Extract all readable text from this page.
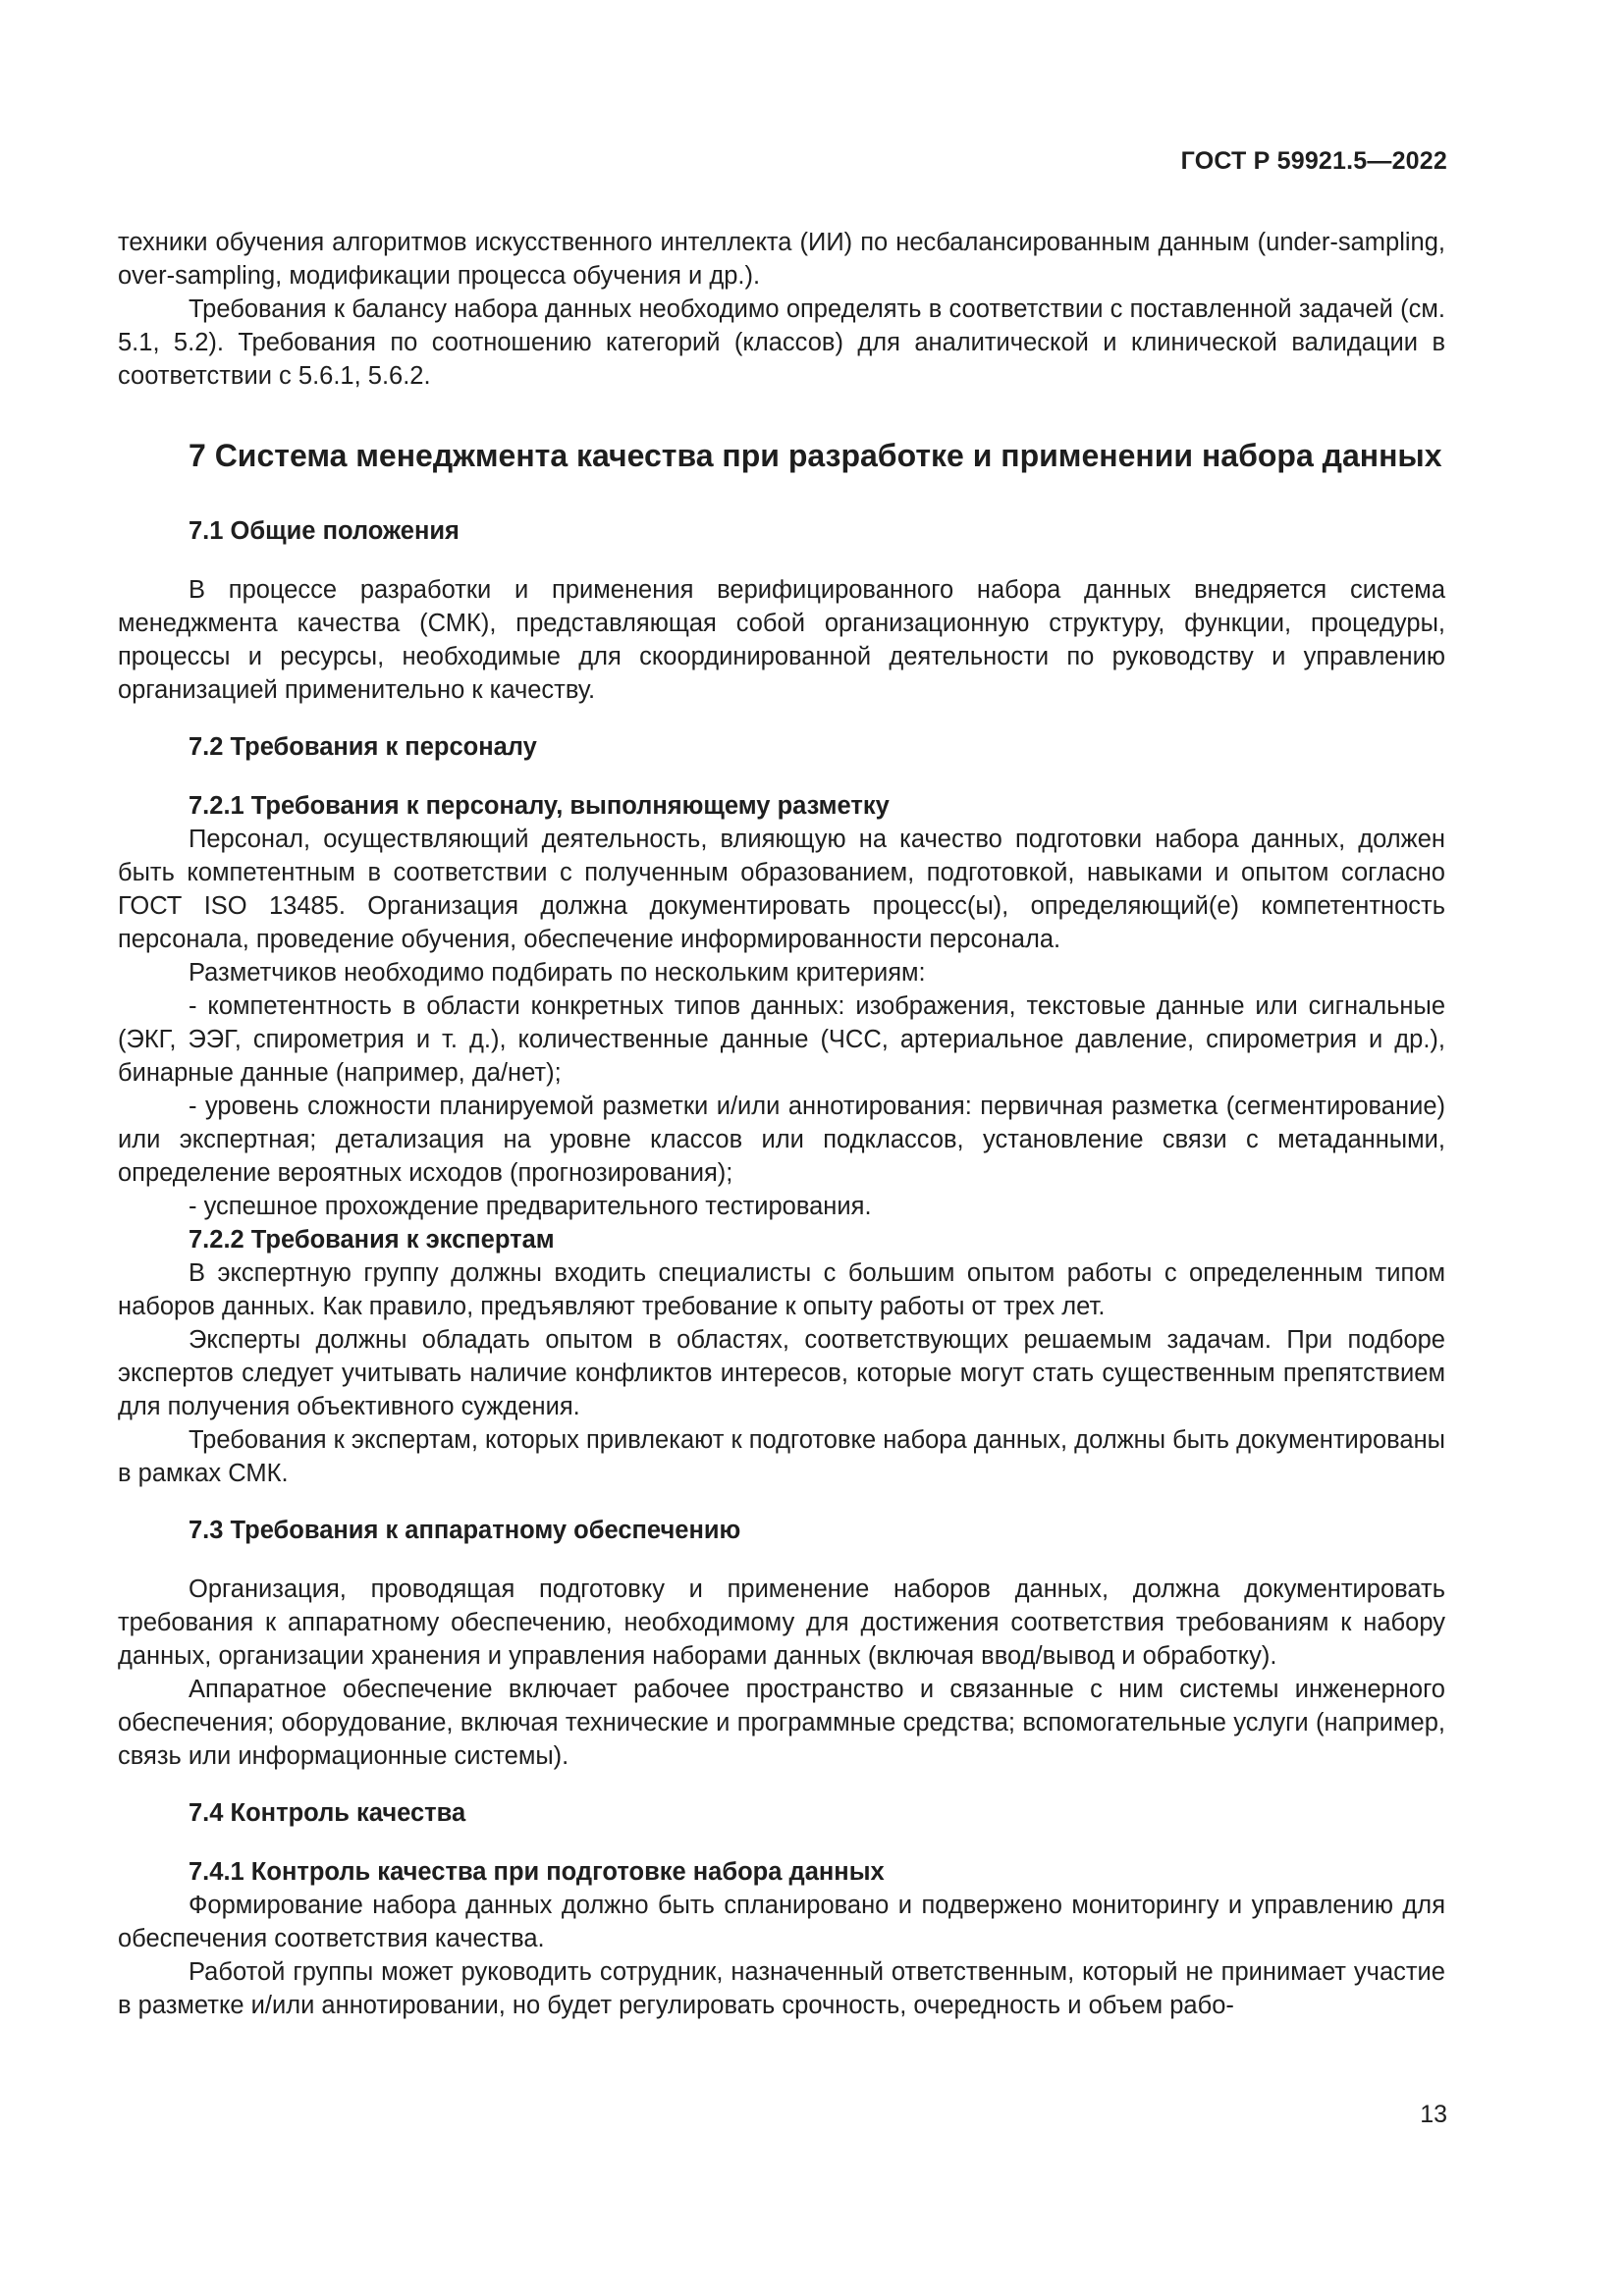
ГОСТ Р 59921.5—2022

техники обучения алгоритмов искусственного интеллекта (ИИ) по несбалансированным данным (under-sampling, over-sampling, модификации процесса обучения и др.).

Требования к балансу набора данных необходимо определять в соответствии с поставленной задачей (см. 5.1, 5.2). Требования по соотношению категорий (классов) для аналитической и клинической валидации в соответствии с 5.6.1, 5.6.2.

7 Система менеджмента качества при разработке и применении набора данных
7.1 Общие положения

В процессе разработки и применения верифицированного набора данных внедряется система менеджмента качества (СМК), представляющая собой организационную структуру, функции, процедуры, процессы и ресурсы, необходимые для скоординированной деятельности по руководству и управлению организацией применительно к качеству.

7.2 Требования к персоналу
7.2.1 Требования к персоналу, выполняющему разметку

Персонал, осуществляющий деятельность, влияющую на качество подготовки набора данных, должен быть компетентным в соответствии с полученным образованием, подготовкой, навыками и опытом согласно ГОСТ ISO 13485. Организация должна документировать процесс(ы), определяющий(е) компетентность персонала, проведение обучения, обеспечение информированности персонала.

Разметчиков необходимо подбирать по нескольким критериям:

- компетентность в области конкретных типов данных: изображения, текстовые данные или сигнальные (ЭКГ, ЭЭГ, спирометрия и т. д.), количественные данные (ЧСС, артериальное давление, спирометрия и др.), бинарные данные (например, да/нет);

- уровень сложности планируемой разметки и/или аннотирования: первичная разметка (сегментирование) или экспертная; детализация на уровне классов или подклассов, установление связи с метаданными, определение вероятных исходов (прогнозирования);

- успешное прохождение предварительного тестирования.

7.2.2 Требования к экспертам

В экспертную группу должны входить специалисты с большим опытом работы с определенным типом наборов данных. Как правило, предъявляют требование к опыту работы от трех лет.

Эксперты должны обладать опытом в областях, соответствующих решаемым задачам. При подборе экспертов следует учитывать наличие конфликтов интересов, которые могут стать существенным препятствием для получения объективного суждения.

Требования к экспертам, которых привлекают к подготовке набора данных, должны быть документированы в рамках СМК.

7.3 Требования к аппаратному обеспечению

Организация, проводящая подготовку и применение наборов данных, должна документировать требования к аппаратному обеспечению, необходимому для достижения соответствия требованиям к набору данных, организации хранения и управления наборами данных (включая ввод/вывод и обработку).

Аппаратное обеспечение включает рабочее пространство и связанные с ним системы инженерного обеспечения; оборудование, включая технические и программные средства; вспомогательные услуги (например, связь или информационные системы).

7.4 Контроль качества
7.4.1 Контроль качества при подготовке набора данных

Формирование набора данных должно быть спланировано и подвержено мониторингу и управлению для обеспечения соответствия качества.

Работой группы может руководить сотрудник, назначенный ответственным, который не принимает участие в разметке и/или аннотировании, но будет регулировать срочность, очередность и объем рабо-

13
